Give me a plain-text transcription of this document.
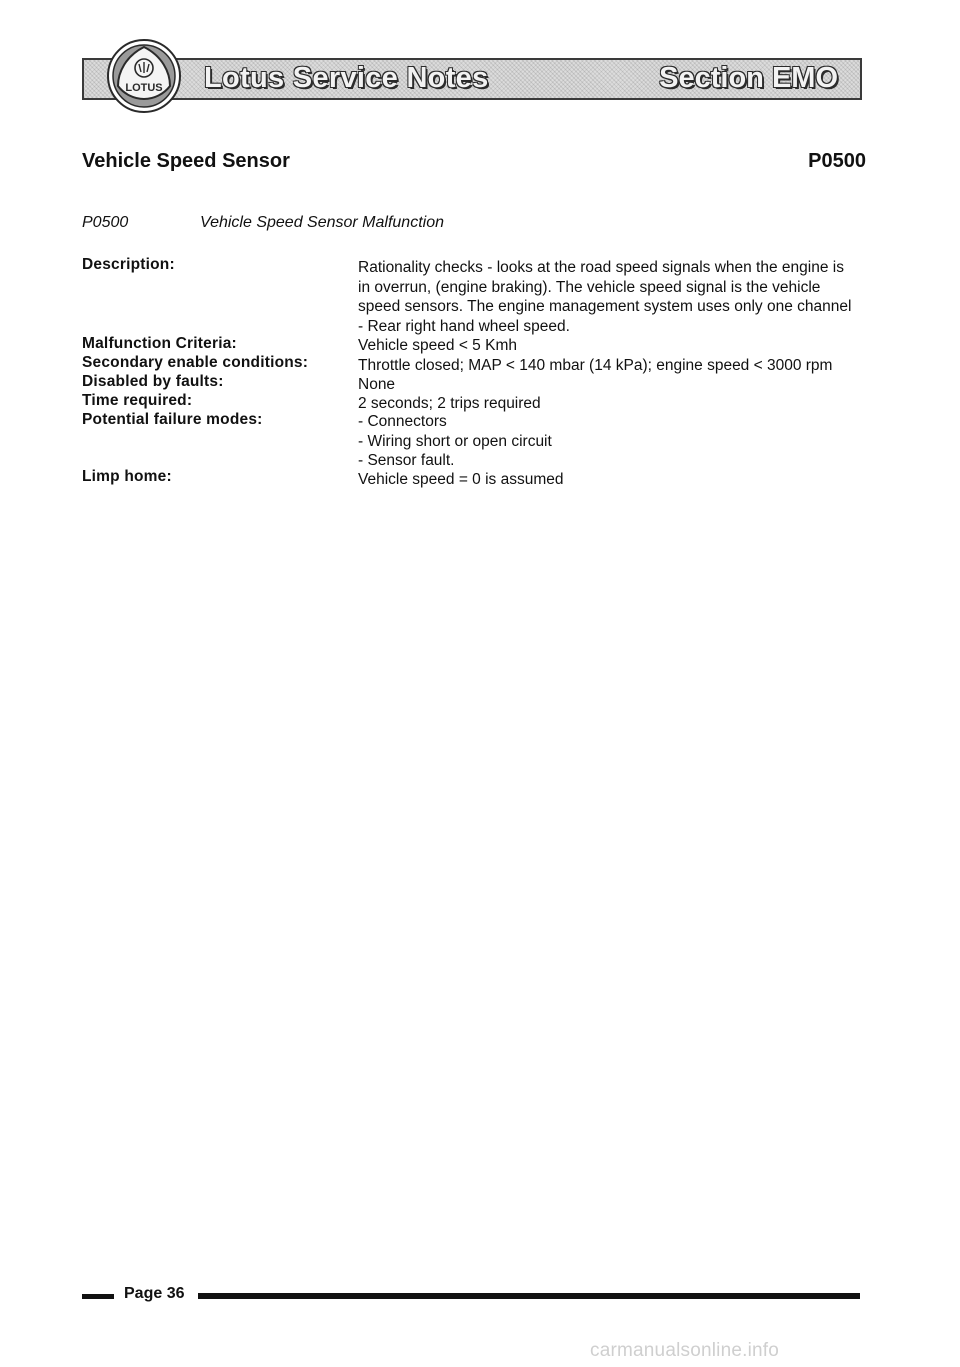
Lotus Service Notes	Section EMO
LOTUS
Vehicle Speed Sensor	P0500
P0500	Vehicle Speed Sensor Malfunction
Description:	Rationality checks - looks at the road speed signals when the engine is
in overrun, (engine braking). The vehicle speed signal is the vehicle
speed sensors. The engine management system uses only one channel
- Rear right hand wheel speed.
Malfunction Criteria:	Vehicle speed < 5 Kmh
Secondary enable conditions:	Throttle closed; MAP < 140 mbar (14 kPa); engine speed < 3000 rpm
Disabled by faults:	None
Time required:	2 seconds; 2 trips required
Potential failure modes:	- Connectors
- Wiring short or open circuit
- Sensor fault.
Limp home:	Vehicle speed = 0 is assumed
Page 36
carmanualsonline.info
